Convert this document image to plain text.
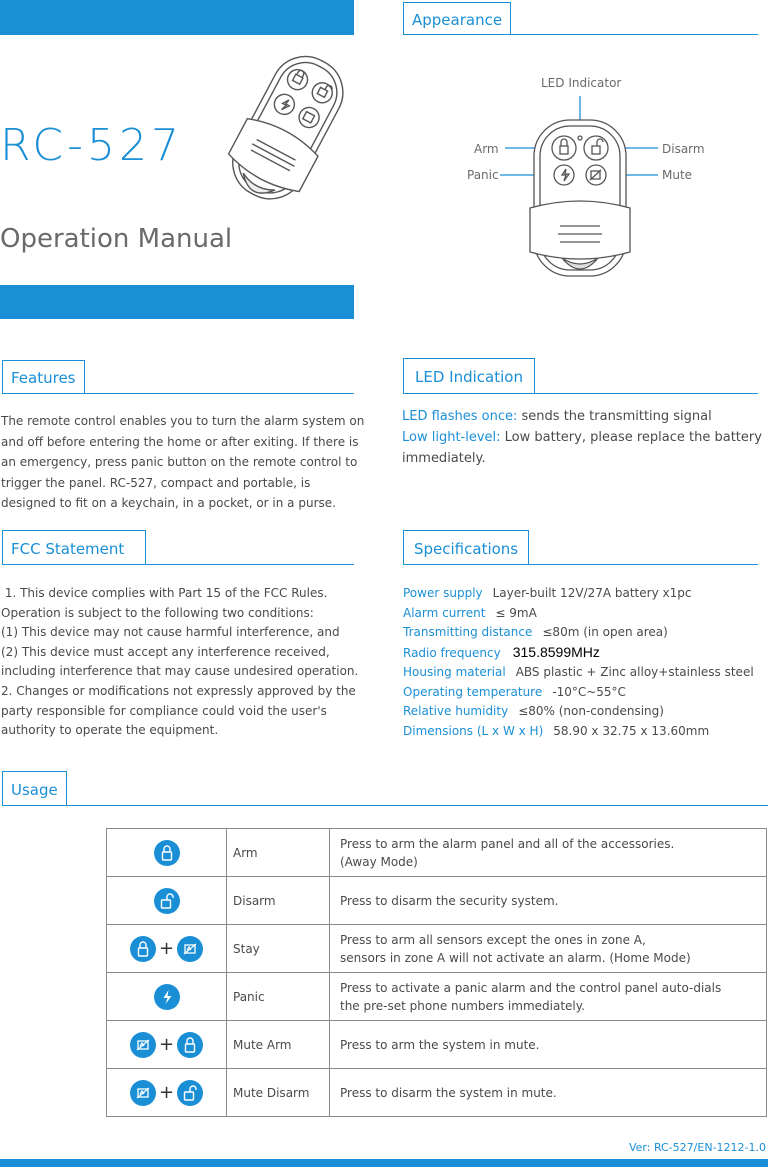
RC-527
Operation Manual
Appearance
LED Indicator
Arm
Panic
Disarm
Mute
Features
The remote control enables you to turn the alarm system on and off before entering the home or after exiting. If there is an emergency, press panic button on the remote control to trigger the panel. RC-527, compact and portable, is designed to fit on a keychain, in a pocket, or in a purse.
LED Indication
LED flashes once: sends the transmitting signal
Low light-level: Low battery, please replace the battery immediately.
FCC Statement
1. This device complies with Part 15 of the FCC Rules.
Operation is subject to the following two conditions:
(1) This device may not cause harmful interference, and
(2) This device must accept any interference received,
including interference that may cause undesired operation.
2. Changes or modifications not expressly approved by the
party responsible for compliance could void the user's
authority to operate the equipment.
Specifications
Power supply Layer-built 12V/27A battery x1pc
Alarm current ≤ 9mA
Transmitting distance ≤80m (in open area)
Radio frequency 315.8599MHz
Housing material ABS plastic + Zinc alloy+stainless steel
Operating temperature -10°C~55°C
Relative humidity ≤80% (non-condensing)
Dimensions (L x W x H) 58.90 x 32.75 x 13.60mm
Usage
	Arm	Press to arm the alarm panel and all of the accessories.
(Away Mode)

	Disarm	Press to disarm the security system.

+	Stay	Press to arm all sensors except the ones in zone A,
sensors in zone A will not activate an alarm. (Home Mode)

	Panic	Press to activate a panic alarm and the control panel auto-dials
the pre-set phone numbers immediately.

+	Mute Arm	Press to arm the system in mute.

+	Mute Disarm	Press to disarm the system in mute.
Ver: RC-527/EN-1212-1.0
